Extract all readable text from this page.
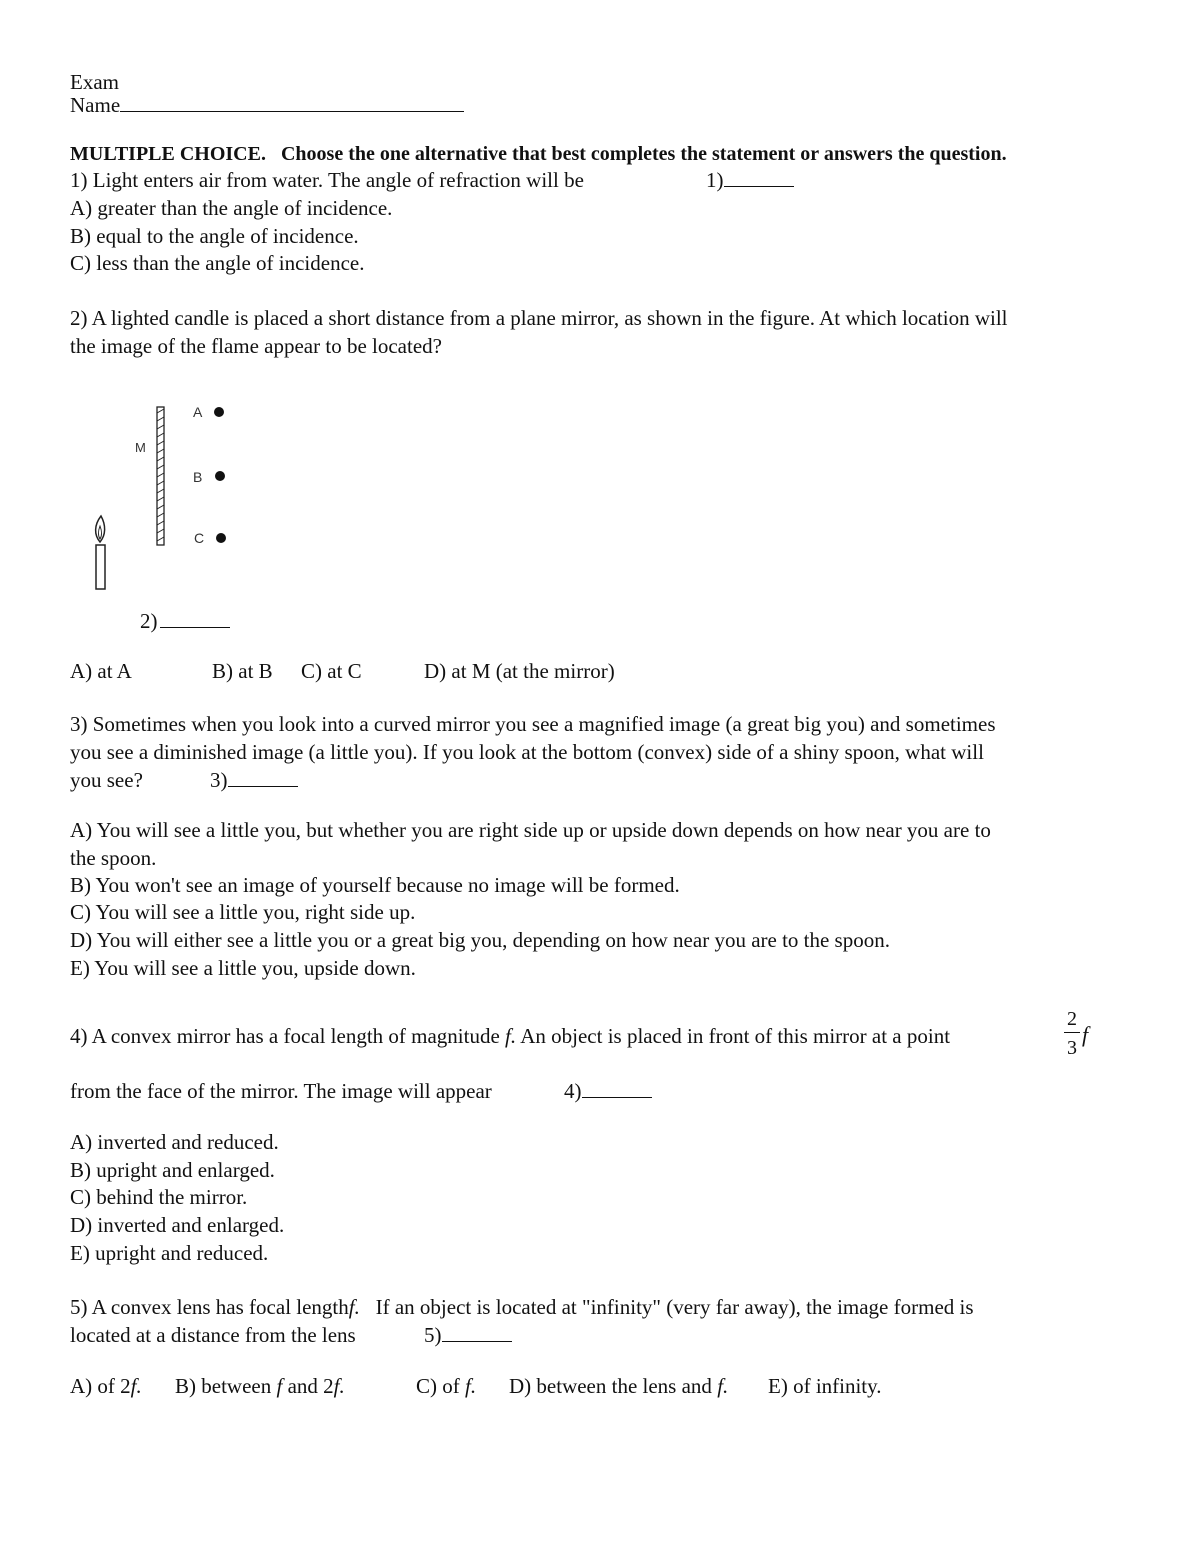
Exam
Name
MULTIPLE CHOICE. Choose the one alternative that best completes the statement or answers the question.
1) Light enters air from water. The angle of refraction will be	1)
A) greater than the angle of incidence.
B) equal to the angle of incidence.
C) less than the angle of incidence.
2) A lighted candle is placed a short distance from a plane mirror, as shown in the figure. At which location will
the image of the flame appear to be located?
M
A
B
C
2)
A) at A	B) at B C) at C	D) at M (at the mirror)
3) Sometimes when you look into a curved mirror you see a magnified image (a great big you) and sometimes
you see a diminished image (a little you). If you look at the bottom (convex) side of a shiny spoon, what will
you see?	3)
A) You will see a little you, but whether you are right side up or upside down depends on how near you are to
the spoon.
B) You won't see an image of yourself because no image will be formed.
C) You will see a little you, right side up.
D) You will either see a little you or a great big you, depending on how near you are to the spoon.
E) You will see a little you, upside down.
4) A convex mirror has a focal length of magnitude f. An object is placed in front of this mirror at a point
2
3
f
from the face of the mirror. The image will appear	4)
A) inverted and reduced.
B) upright and enlarged.
C) behind the mirror.
D) inverted and enlarged.
E) upright and reduced.
5) A convex lens has focal lengthf. If an object is located at "infinity" (very far away), the image formed is
located at a distance from the lens	5)
A) of 2f. B) between f and 2f.	C) of f. D) between the lens and f. E) of infinity.
